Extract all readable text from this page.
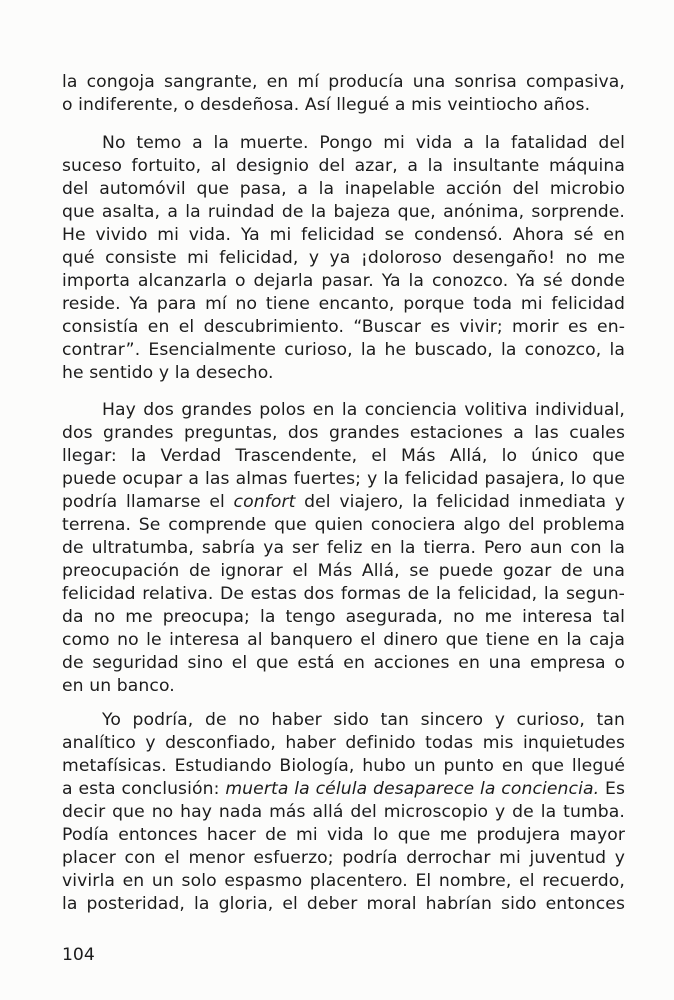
la congoja sangrante, en mí producía una sonrisa compasiva,
o indiferente, o desdeñosa. Así llegué a mis veintiocho años.
No temo a la muerte. Pongo mi vida a la fatalidad del
suceso fortuito, al designio del azar, a la insultante máquina
del automóvil que pasa, a la inapelable acción del microbio
que asalta, a la ruindad de la bajeza que, anónima, sorprende.
He vivido mi vida. Ya mi felicidad se condensó. Ahora sé en
qué consiste mi felicidad, y ya ¡doloroso desengaño! no me
importa alcanzarla o dejarla pasar. Ya la conozco. Ya sé donde
reside. Ya para mí no tiene encanto, porque toda mi felicidad
consistía en el descubrimiento. “Buscar es vivir; morir es en-
contrar”. Esencialmente curioso, la he buscado, la conozco, la
he sentido y la desecho.
Hay dos grandes polos en la conciencia volitiva individual,
dos grandes preguntas, dos grandes estaciones a las cuales
llegar: la Verdad Trascendente, el Más Allá, lo único que
puede ocupar a las almas fuertes; y la felicidad pasajera, lo que
podría llamarse el confort del viajero, la felicidad inmediata y
terrena. Se comprende que quien conociera algo del problema
de ultratumba, sabría ya ser feliz en la tierra. Pero aun con la
preocupación de ignorar el Más Allá, se puede gozar de una
felicidad relativa. De estas dos formas de la felicidad, la segun-
da no me preocupa; la tengo asegurada, no me interesa tal
como no le interesa al banquero el dinero que tiene en la caja
de seguridad sino el que está en acciones en una empresa o
en un banco.
Yo podría, de no haber sido tan sincero y curioso, tan
analítico y desconfiado, haber definido todas mis inquietudes
metafísicas. Estudiando Biología, hubo un punto en que llegué
a esta conclusión: muerta la célula desaparece la conciencia. Es
decir que no hay nada más allá del microscopio y de la tumba.
Podía entonces hacer de mi vida lo que me produjera mayor
placer con el menor esfuerzo; podría derrochar mi juventud y
vivirla en un solo espasmo placentero. El nombre, el recuerdo,
la posteridad, la gloria, el deber moral habrían sido entonces
104
